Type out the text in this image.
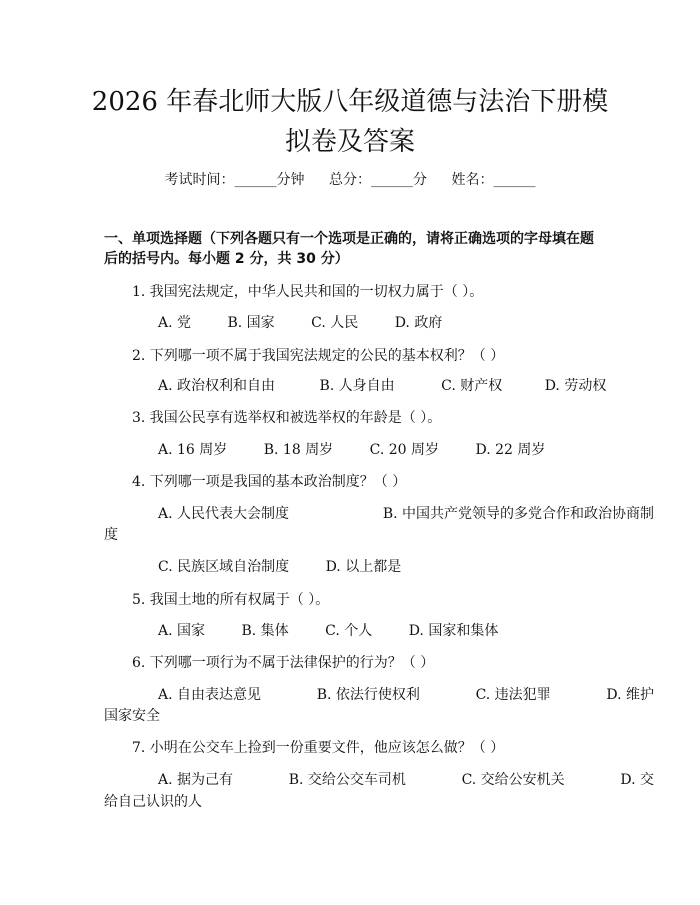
2026 年春北师大版八年级道德与法治下册模
拟卷及答案
考试时间：______分钟 总分：______分 姓名：______
一、单项选择题（下列各题只有一个选项是正确的，请将正确选项的字母填在题
后的括号内。每小题 2 分，共 30 分）
1. 我国宪法规定，中华人民共和国的一切权力属于（ ）。
A. 党	B. 国家	C. 人民	D. 政府
2. 下列哪一项不属于我国宪法规定的公民的基本权利？（ ）
A. 政治权利和自由	B. 人身自由	C. 财产权	D. 劳动权
3. 我国公民享有选举权和被选举权的年龄是（ ）。
A. 16 周岁	B. 18 周岁	C. 20 周岁	D. 22 周岁
4. 下列哪一项是我国的基本政治制度？（ ）
A. 人民代表大会制度	B. 中国共产党领导的多党合作和政治协商制
度
C. 民族区域自治制度	D. 以上都是
5. 我国土地的所有权属于（ ）。
A. 国家	B. 集体	C. 个人	D. 国家和集体
6. 下列哪一项行为不属于法律保护的行为？（ ）
A. 自由表达意见	B. 依法行使权利	C. 违法犯罪	D. 维护
国家安全
7. 小明在公交车上捡到一份重要文件，他应该怎么做？（ ）
A. 据为己有	B. 交给公交车司机	C. 交给公安机关	D. 交
给自己认识的人
